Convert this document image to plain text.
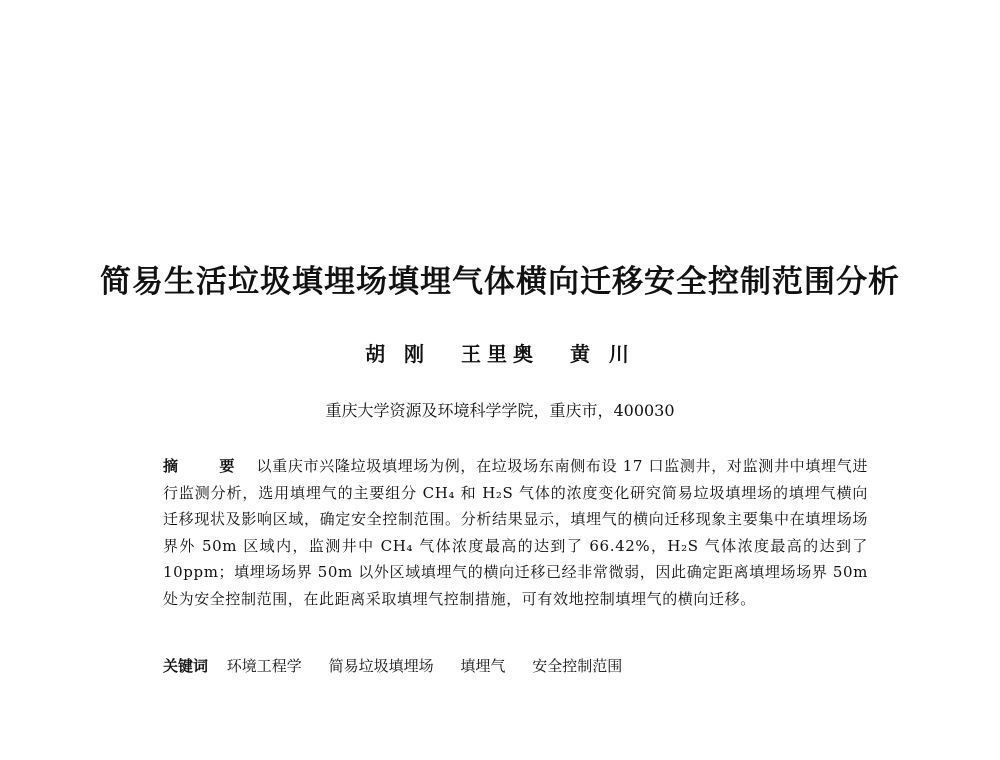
简易生活垃圾填埋场填埋气体横向迁移安全控制范围分析
胡 刚 王里奥 黄 川
重庆大学资源及环境科学学院，重庆市，400030
摘 要 以重庆市兴隆垃圾填埋场为例，在垃圾场东南侧布设 17 口监测井，对监测井中填埋气进行监测分析，选用填埋气的主要组分 CH₄ 和 H₂S 气体的浓度变化研究简易垃圾填埋场的填埋气横向迁移现状及影响区域，确定安全控制范围。分析结果显示，填埋气的横向迁移现象主要集中在填埋场场界外 50m 区域内，监测井中 CH₄ 气体浓度最高的达到了 66.42%，H₂S 气体浓度最高的达到了 10ppm；填埋场场界 50m 以外区域填埋气的横向迁移已经非常微弱，因此确定距离填埋场场界 50m 处为安全控制范围，在此距离采取填埋气控制措施，可有效地控制填埋气的横向迁移。
关键词 环境工程学 简易垃圾填埋场 填埋气 安全控制范围
